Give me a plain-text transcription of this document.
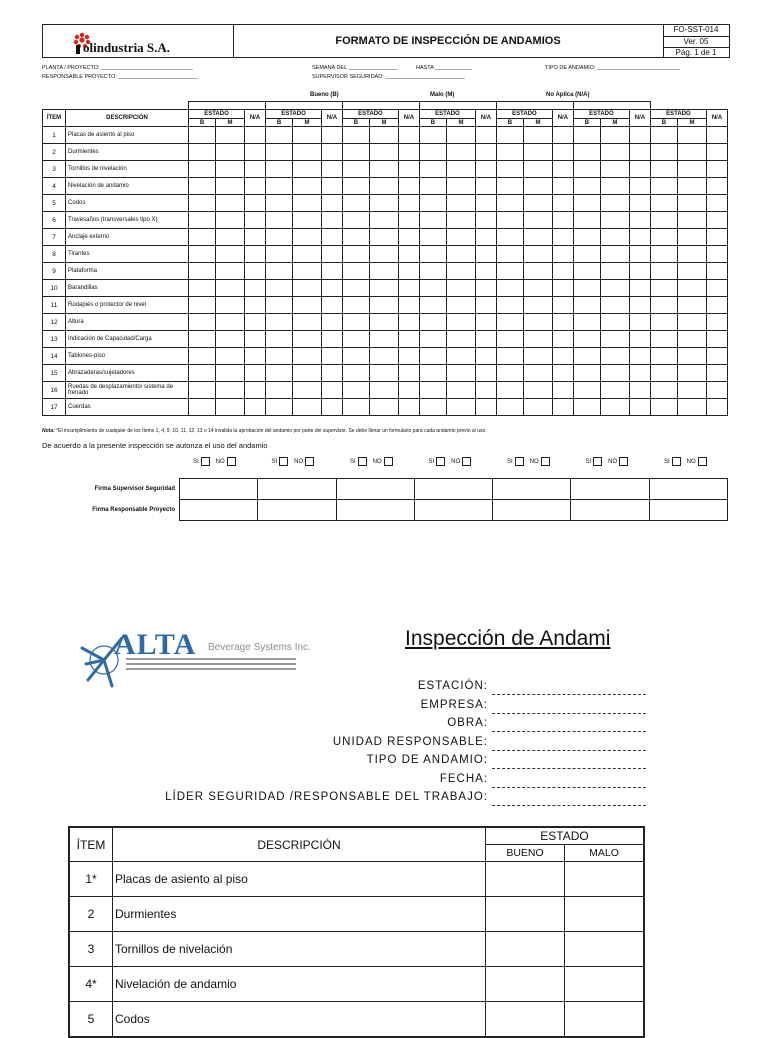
olindustria S.A.	FORMATO DE INSPECCIÓN DE ANDAMIOS
FO-SST-014
Ver. 05
Pág. 1 de 1
PLANTA / PROYECTO: ______________________________
RESPONSABLE PROYECTO: __________________________
SEMANA DEL ________________	HASTA ____________
SUPERVISOR SEGURIDAD: __________________________
TIPO DE ANDAMIO: ___________________________
Bueno (B)	Malo (M)	No Aplica (N/A)

ÍTEM	DESCRIPCIÓN	ESTADO		N/A	ESTADO		N/A	ESTADO		N/A	ESTADO		N/A	ESTADO		N/A	ESTADO		N/A	ESTADO		N/A
		B	M		B	M		B	M		B	M		B	M		B	M		B	M	
1	Placas de asiento al piso																					
2	Durmientes																					
3	Tornillos de nivelación																					
4	Nivelación de andamio																					
5	Codos																					
6	Travesaños (transversales tipo X)																					
7	Anclaje externo																					
8	Tirantes																					
9	Plataforma																					
10	Barandillas																					
11	Rodapiés o protector de nivel																					
12	Altura																					
13	Indicación de Capacidad/Carga																					
14	Tablones-piso																					
15	Abrazaderas/sujetadores																					
16	Ruedas de desplazamiento/ sistema de frenado																					
17	Cuerdas																					
Nota: *El incumplimiento de cualquier de los ítems 1, 4, 9, 10, 11, 12, 13 o 14 invalida la aprobación del andamio por parte del supervisor. Se debe llenar un formulario para cada andamio previo al uso.
De acuerdo a la presente inspección se autoriza el uso del andamio
SI	NO	SI	NO	SI	NO	SI	NO	SI	NO	SI	NO	SI	NO
Firma Supervisor Seguridad							
Firma Responsable Proyecto							
ALTA Beverage Systems Inc.	Inspección de Andami
ESTACIÓN:
EMPRESA:
OBRA:
UNIDAD RESPONSABLE:
TIPO DE ANDAMIO:
FECHA:
LÍDER SEGURIDAD /RESPONSABLE DEL TRABAJO:
ÍTEM	DESCRIPCIÓN	ESTADO	
		BUENO	MALO
1*	Placas de asiento al piso		
2	Durmientes		
3	Tornillos de nivelación		
4*	Nivelación de andamio		
5	Codos		
